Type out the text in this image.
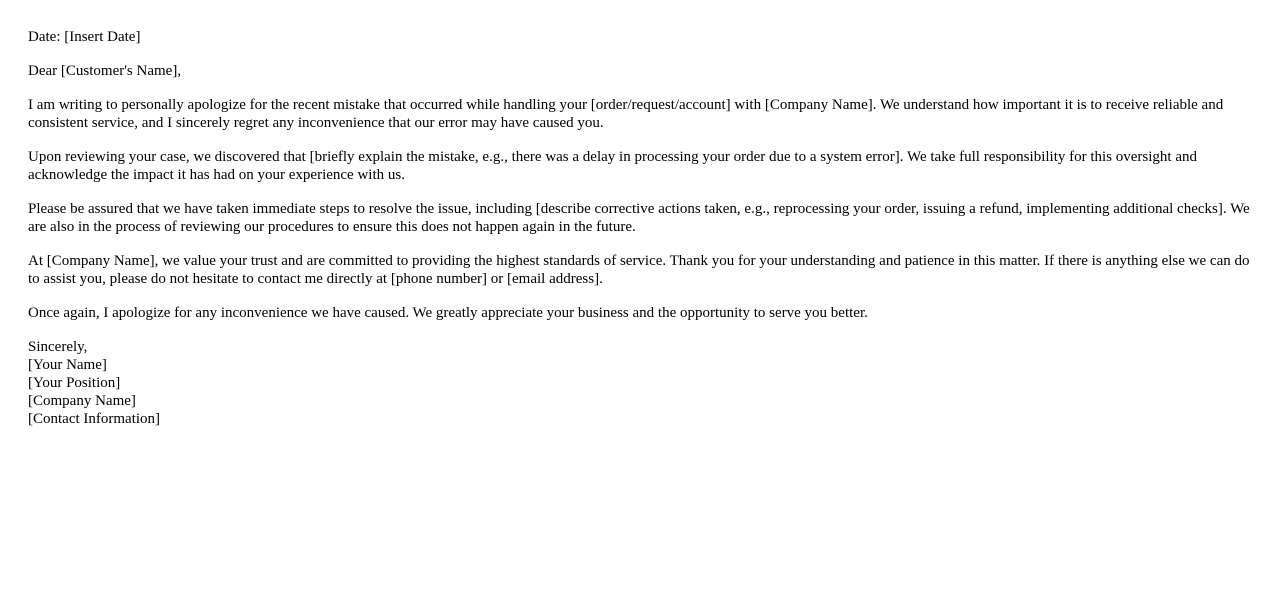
Date: [Insert Date]

Dear [Customer's Name],

I am writing to personally apologize for the recent mistake that occurred while handling your [order/request/account] with [Company Name]. We understand how important it is to receive reliable and consistent service, and I sincerely regret any inconvenience that our error may have caused you.

Upon reviewing your case, we discovered that [briefly explain the mistake, e.g., there was a delay in processing your order due to a system error]. We take full responsibility for this oversight and acknowledge the impact it has had on your experience with us.

Please be assured that we have taken immediate steps to resolve the issue, including [describe corrective actions taken, e.g., reprocessing your order, issuing a refund, implementing additional checks]. We are also in the process of reviewing our procedures to ensure this does not happen again in the future.

At [Company Name], we value your trust and are committed to providing the highest standards of service. Thank you for your understanding and patience in this matter. If there is anything else we can do to assist you, please do not hesitate to contact me directly at [phone number] or [email address].

Once again, I apologize for any inconvenience we have caused. We greatly appreciate your business and the opportunity to serve you better.

Sincerely,
[Your Name]
[Your Position]
[Company Name]
[Contact Information]
